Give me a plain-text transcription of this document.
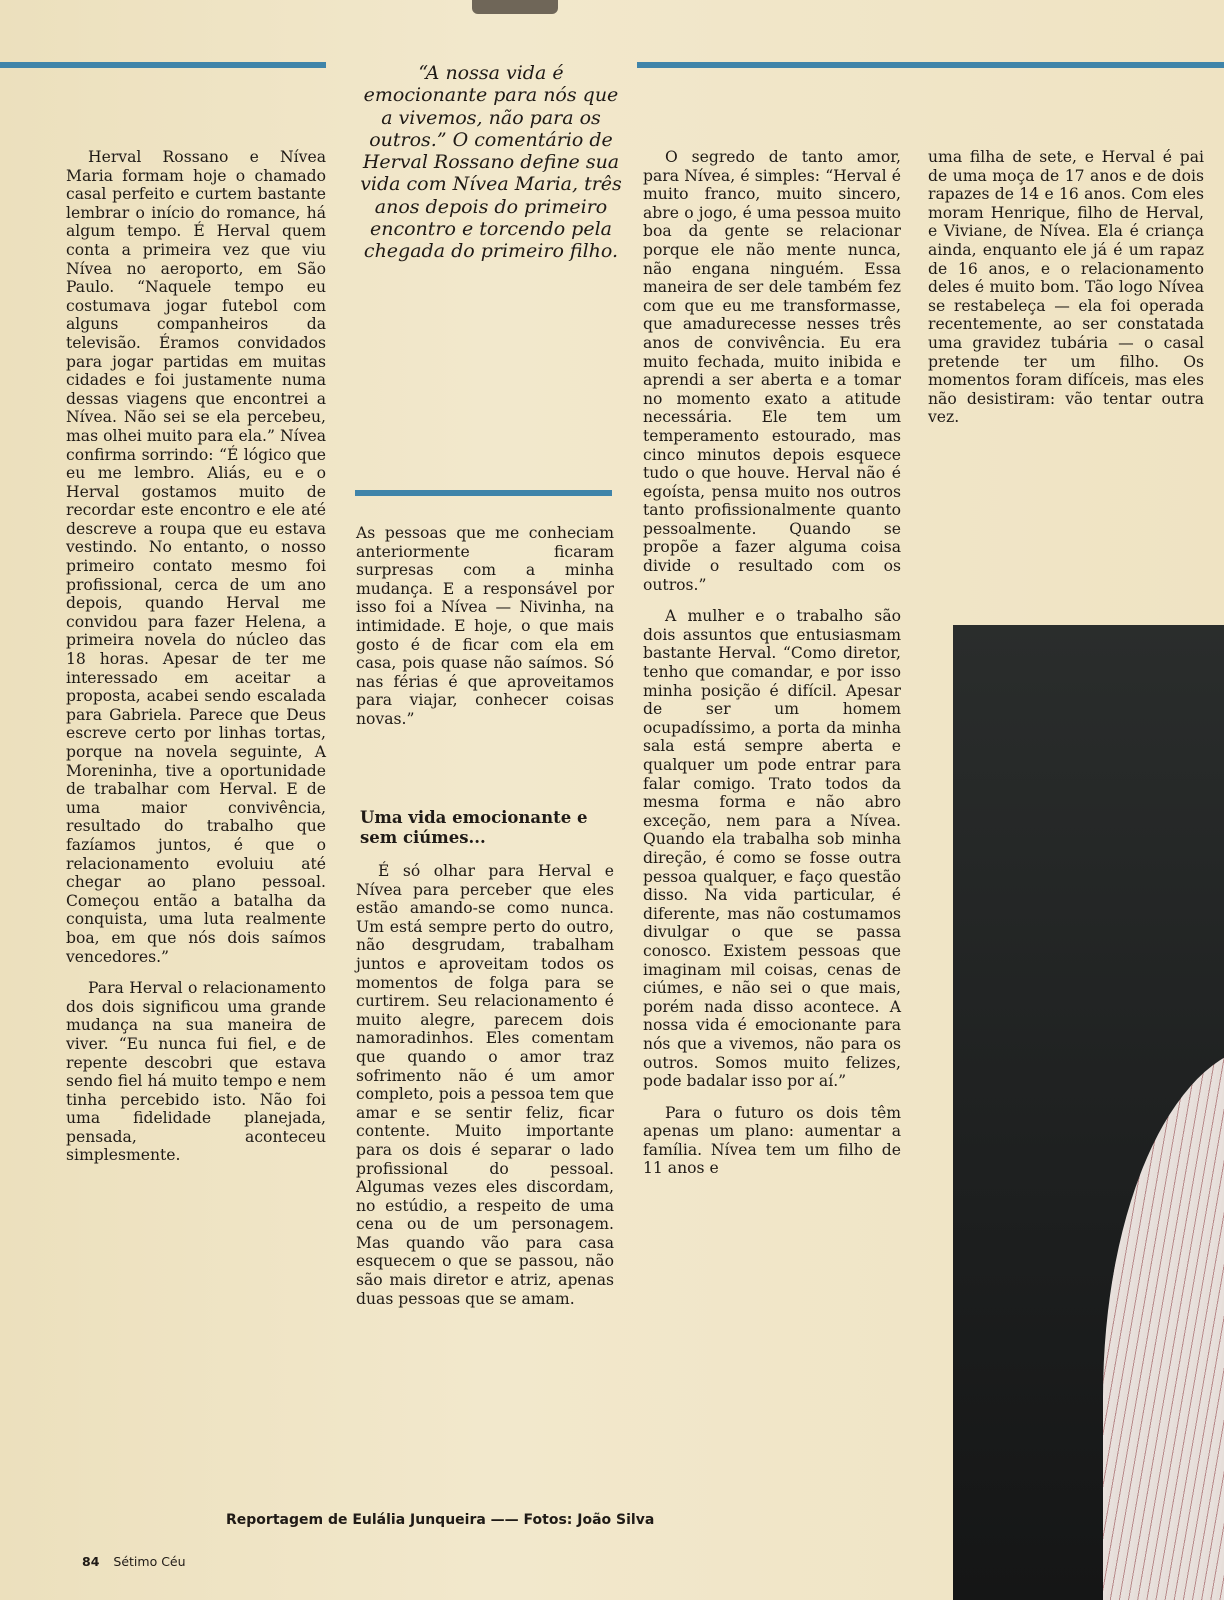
“A nossa vida é emocionante para nós que a vivemos, não para os outros.” O comentário de Herval Rossano define sua vida com Nívea Maria, três anos depois do primeiro encontro e torcendo pela chegada do primeiro filho.

Herval Rossano e Nívea Maria formam hoje o chamado casal perfeito e curtem bastante lembrar o início do romance, há algum tempo. É Herval quem conta a primeira vez que viu Nívea no aeroporto, em São Paulo. “Naquele tempo eu costumava jogar futebol com alguns companheiros da televisão. Éramos convidados para jogar partidas em muitas cidades e foi justamente numa dessas viagens que encontrei a Nívea. Não sei se ela percebeu, mas olhei muito para ela.” Nívea confirma sorrindo: “É lógico que eu me lembro. Aliás, eu e o Herval gostamos muito de recordar este encontro e ele até descreve a roupa que eu estava vestindo. No entanto, o nosso primeiro contato mesmo foi profissional, cerca de um ano depois, quando Herval me convidou para fazer Helena, a primeira novela do núcleo das 18 horas. Apesar de ter me interessado em aceitar a proposta, acabei sendo escalada para Gabriela. Parece que Deus escreve certo por linhas tortas, porque na novela seguinte, A Moreninha, tive a oportunidade de trabalhar com Herval. E de uma maior convivência, resultado do trabalho que fazíamos juntos, é que o relacionamento evoluiu até chegar ao plano pessoal. Começou então a batalha da conquista, uma luta realmente boa, em que nós dois saímos vencedores.”

Para Herval o relacionamento dos dois significou uma grande mudança na sua maneira de viver. “Eu nunca fui fiel, e de repente descobri que estava sendo fiel há muito tempo e nem tinha percebido isto. Não foi uma fidelidade planejada, pensada, aconteceu simplesmente.

As pessoas que me conheciam anteriormente ficaram surpresas com a minha mudança. E a responsável por isso foi a Nívea — Nivinha, na intimidade. E hoje, o que mais gosto é de ficar com ela em casa, pois quase não saímos. Só nas férias é que aproveitamos para viajar, conhecer coisas novas.”

Uma vida emocionante e sem ciúmes...

É só olhar para Herval e Nívea para perceber que eles estão amando-se como nunca. Um está sempre perto do outro, não desgrudam, trabalham juntos e aproveitam todos os momentos de folga para se curtirem. Seu relacionamento é muito alegre, parecem dois namoradinhos. Eles comentam que quando o amor traz sofrimento não é um amor completo, pois a pessoa tem que amar e se sentir feliz, ficar contente. Muito importante para os dois é separar o lado profissional do pessoal. Algumas vezes eles discordam, no estúdio, a respeito de uma cena ou de um personagem. Mas quando vão para casa esquecem o que se passou, não são mais diretor e atriz, apenas duas pessoas que se amam.

O segredo de tanto amor, para Nívea, é simples: “Herval é muito franco, muito sincero, abre o jogo, é uma pessoa muito boa da gente se relacionar porque ele não mente nunca, não engana ninguém. Essa maneira de ser dele também fez com que eu me transformasse, que amadurecesse nesses três anos de convivência. Eu era muito fechada, muito inibida e aprendi a ser aberta e a tomar no momento exato a atitude necessária. Ele tem um temperamento estourado, mas cinco minutos depois esquece tudo o que houve. Herval não é egoísta, pensa muito nos outros tanto profissionalmente quanto pessoalmente. Quando se propõe a fazer alguma coisa divide o resultado com os outros.”

A mulher e o trabalho são dois assuntos que entusiasmam bastante Herval. “Como diretor, tenho que comandar, e por isso minha posição é difícil. Apesar de ser um homem ocupadíssimo, a porta da minha sala está sempre aberta e qualquer um pode entrar para falar comigo. Trato todos da mesma forma e não abro exceção, nem para a Nívea. Quando ela trabalha sob minha direção, é como se fosse outra pessoa qualquer, e faço questão disso. Na vida particular, é diferente, mas não costumamos divulgar o que se passa conosco. Existem pessoas que imaginam mil coisas, cenas de ciúmes, e não sei o que mais, porém nada disso acontece. A nossa vida é emocionante para nós que a vivemos, não para os outros. Somos muito felizes, pode badalar isso por aí.”

Para o futuro os dois têm apenas um plano: aumentar a família. Nívea tem um filho de 11 anos e

uma filha de sete, e Herval é pai de uma moça de 17 anos e de dois rapazes de 14 e 16 anos. Com eles moram Henrique, filho de Herval, e Viviane, de Nívea. Ela é criança ainda, enquanto ele já é um rapaz de 16 anos, e o relacionamento deles é muito bom. Tão logo Nívea se restabeleça — ela foi operada recentemente, ao ser constatada uma gravidez tubária — o casal pretende ter um filho. Os momentos foram difíceis, mas eles não desistiram: vão tentar outra vez.

Reportagem de Eulália Junqueira —— Fotos: João Silva
84 Sétimo Céu
